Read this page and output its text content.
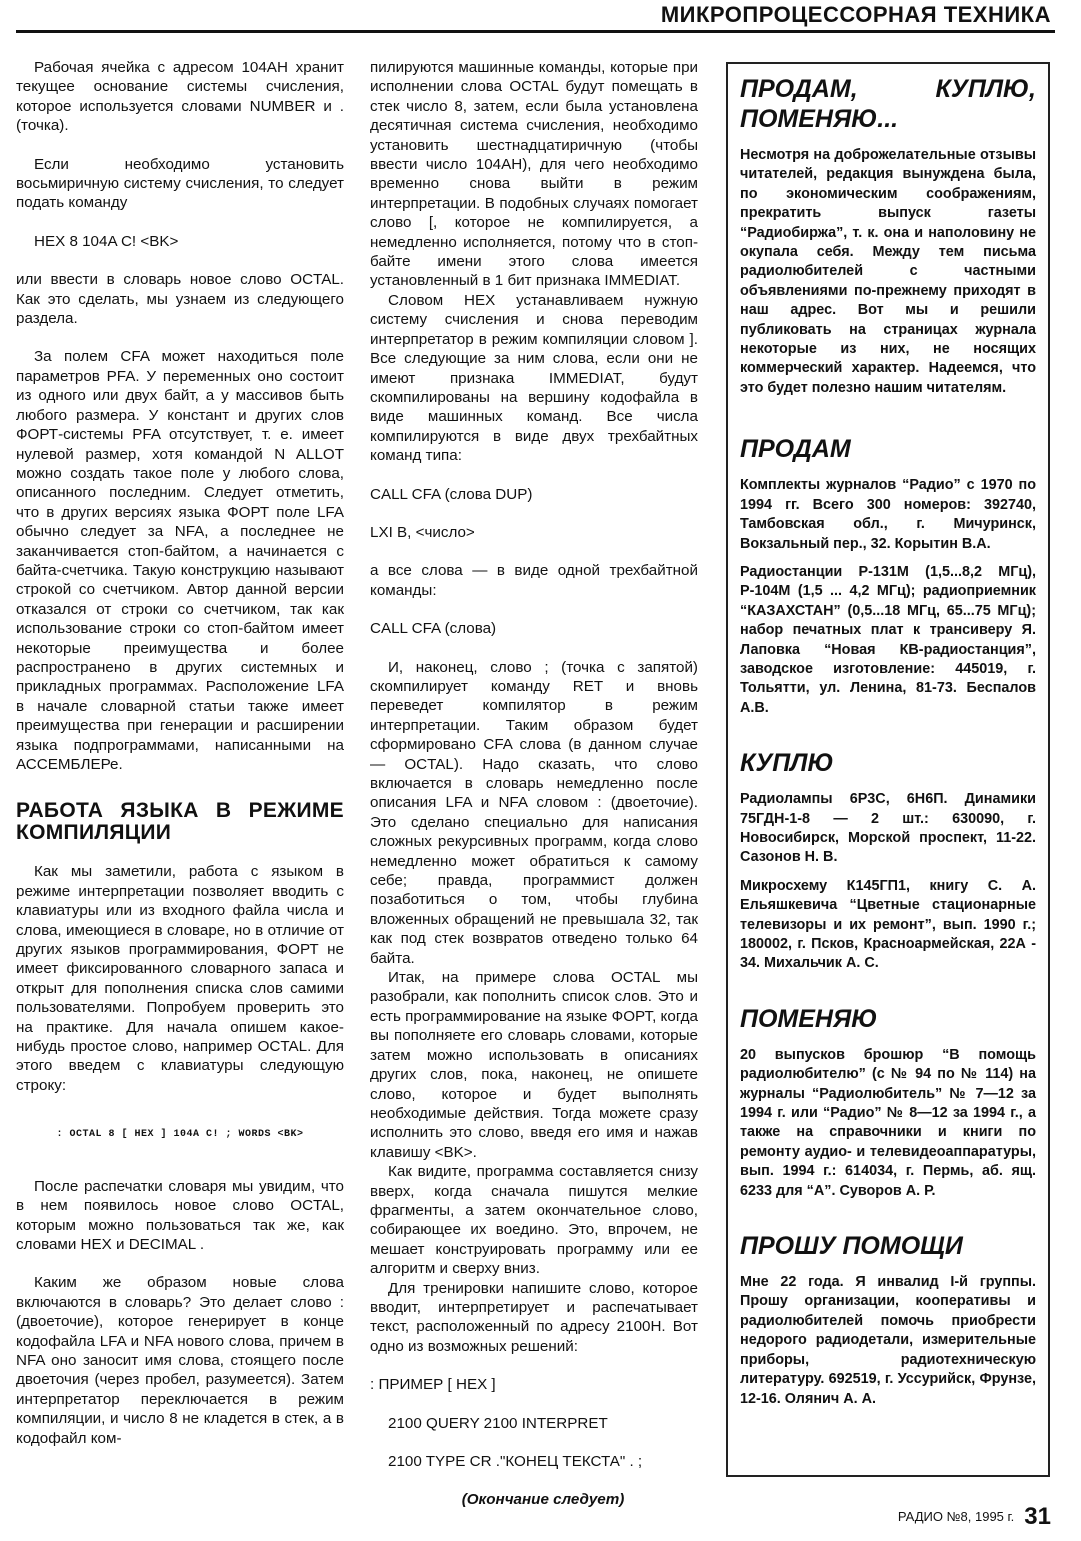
МИКРОПРОЦЕССОРНАЯ ТЕХНИКА

Рабочая ячейка с адресом 104АН хранит текущее основание системы счисления, которое используется словами NUMBER и . (точка).

Если необходимо установить восьмиричную систему счисления, то следует подать команду

HEX 8 104A C! <BK>

или ввести в словарь новое слово OCTAL. Как это сделать, мы узнаем из следующего раздела.

За полем CFA может находиться поле параметров PFA. У переменных оно состоит из одного или двух байт, а у массивов быть любого размера. У констант и других слов ФОРТ-системы PFA отсутствует, т. е. имеет нулевой размер, хотя командой N ALLOT можно создать такое поле у любого слова, описанного последним. Следует отметить, что в других версиях языка ФОРТ поле LFA обычно следует за NFA, а последнее не заканчивается стоп-байтом, а начинается с байта-счетчика. Такую конструкцию называют строкой со счетчиком. Автор данной версии отказался от строки со счетчиком, так как использование строки со стоп-байтом имеет некоторые преимущества и более распространено в других системных и прикладных программах. Расположение LFA в начале словарной статьи также имеет преимущества при генерации и расширении языка подпрограммами, написанными на АССЕМБЛЕРе.

РАБОТА ЯЗЫКА В РЕЖИМЕ КОМПИЛЯЦИИ

Как мы заметили, работа с языком в режиме интерпретации позволяет вводить с клавиатуры или из входного файла числа и слова, имеющиеся в словаре, но в отличие от других языков программирования, ФОРТ не имеет фиксированного словарного запаса и открыт для пополнения списка слов самими пользователями. Попробуем проверить это на практике. Для начала опишем какое-нибудь простое слово, например OCTAL. Для этого введем с клавиатуры следующую строку:

: OCTAL 8 [ HEX ] 104A C! ; WORDS <BK>

После распечатки словаря мы увидим, что в нем появилось новое слово OCTAL, которым можно пользоваться так же, как словами HEX и DECIMAL .

Каким же образом новые слова включаются в словарь? Это делает слово : (двоеточие), которое генерирует в конце кодофайла LFA и NFA нового слова, причем в NFA оно заносит имя слова, стоящего после двоеточия (через пробел, разумеется). Затем интерпретатор переключается в режим компиляции, и число 8 не кладется в стек, а в кодофайл ком-

пилируются машинные команды, которые при исполнении слова OCTAL будут помещать в стек число 8, затем, если была установлена десятичная система счисления, необходимо установить шестнадцатиричную (чтобы ввести число 104АН), для чего необходимо временно снова выйти в режим интерпретации. В подобных случаях помогает слово [, которое не компилируется, а немедленно исполняется, потому что в стоп-байте имени этого слова имеется установленный в 1 бит признака IMMEDIAT.

Словом HEX устанавливаем нужную систему счисления и снова переводим интерпретатор в режим компиляции словом ]. Все следующие за ним слова, если они не имеют признака IMMEDIAT, будут скомпилированы на вершину кодофайла в виде машинных команд. Все числа компилируются в виде двух трехбайтных команд типа:

CALL CFA (слова DUP)
LXI B, <число>

а все слова — в виде одной трехбайтной команды:

CALL CFA (слова)

И, наконец, слово ; (точка с запятой) скомпилирует команду RET и вновь переведет компилятор в режим интерпретации. Таким образом будет сформировано CFA слова (в данном случае — OCTAL). Надо сказать, что слово включается в словарь немедленно после описания LFA и NFA словом : (двоеточие). Это сделано специально для написания сложных рекурсивных программ, когда слово немедленно может обратиться к самому себе; правда, программист должен позаботиться о том, чтобы глубина вложенных обращений не превышала 32, так как под стек возвратов отведено только 64 байта.

Итак, на примере слова OCTAL мы разобрали, как пополнить список слов. Это и есть программирование на языке ФОРТ, когда вы пополняете его словарь словами, которые затем можно использовать в описаниях других слов, пока, наконец, не опишете слово, которое и будет выполнять необходимые действия. Тогда можете сразу исполнить это слово, введя его имя и нажав клавишу <BK>.

Как видите, программа составляется снизу вверх, когда сначала пишутся мелкие фрагменты, а затем окончательное слово, собирающее их воедино. Это, впрочем, не мешает конструировать программу или ее алгоритм и сверху вниз.

Для тренировки напишите слово, которое вводит, интерпретирует и распечатывает текст, расположенный по адресу 2100Н. Вот одно из возможных решений:

: ПРИМЕР [ HEX ]
2100 QUERY 2100 INTERPRET
2100 TYPE CR ."КОНЕЦ ТЕКСТА" . ;

(Окончание следует)

ПРОДАМ, КУПЛЮ, ПОМЕНЯЮ...
Несмотря на доброжелательные отзывы читателей, редакция вынуждена была, по экономическим соображениям, прекратить выпуск газеты “Радиобиржа”, т. к. она и наполовину не окупала себя. Между тем письма радиолюбителей с частными объявлениями по-прежнему приходят в наш адрес. Вот мы и решили публиковать на страницах журнала некоторые из них, не носящих коммерческий характер. Надеемся, что это будет полезно нашим читателям.
ПРОДАМ
Комплекты журналов “Радио” с 1970 по 1994 гг. Всего 300 номеров: 392740, Тамбовская обл., г. Мичуринск, Вокзальный пер., 32. Корытин В.А.
Радиостанции Р-131М (1,5...8,2 МГц), Р-104М (1,5 ... 4,2 МГц); радиоприемник “КАЗАХСТАН” (0,5...18 МГц, 65...75 МГц); набор печатных плат к трансиверу Я. Лаповка “Новая КВ-радиостанция”, заводское изготовление: 445019, г. Тольятти, ул. Ленина, 81-73. Беспалов А.В.
КУПЛЮ
Радиолампы 6Р3С, 6Н6П. Динамики 75ГДН-1-8 — 2 шт.: 630090, г. Новосибирск, Морской проспект, 11-22. Сазонов Н. В.
Микросхему К145ГП1, книгу С. А. Ельяшкевича “Цветные стационарные телевизоры и их ремонт”, вып. 1990 г.; 180002, г. Псков, Красноармейская, 22А - 34. Михальчик А. С.
ПОМЕНЯЮ
20 выпусков брошюр “В помощь радиолюбителю” (с № 94 по № 114) на журналы “Радиолюбитель” № 7—12 за 1994 г. или “Радио” № 8—12 за 1994 г., а также на справочники и книги по ремонту аудио- и телевидеоаппаратуры, вып. 1994 г.: 614034, г. Пермь, аб. ящ. 6233 для “А”. Суворов А. Р.
ПРОШУ ПОМОЩИ
Мне 22 года. Я инвалид I-й группы. Прошу организации, кооперативы и радиолюбителей помочь приобрести недорого радиодетали, измерительные приборы, радиотехническую литературу. 692519, г. Уссурийск, Фрунзе, 12-16. Олянич А. А.
РАДИО №8, 1995 г. 31
